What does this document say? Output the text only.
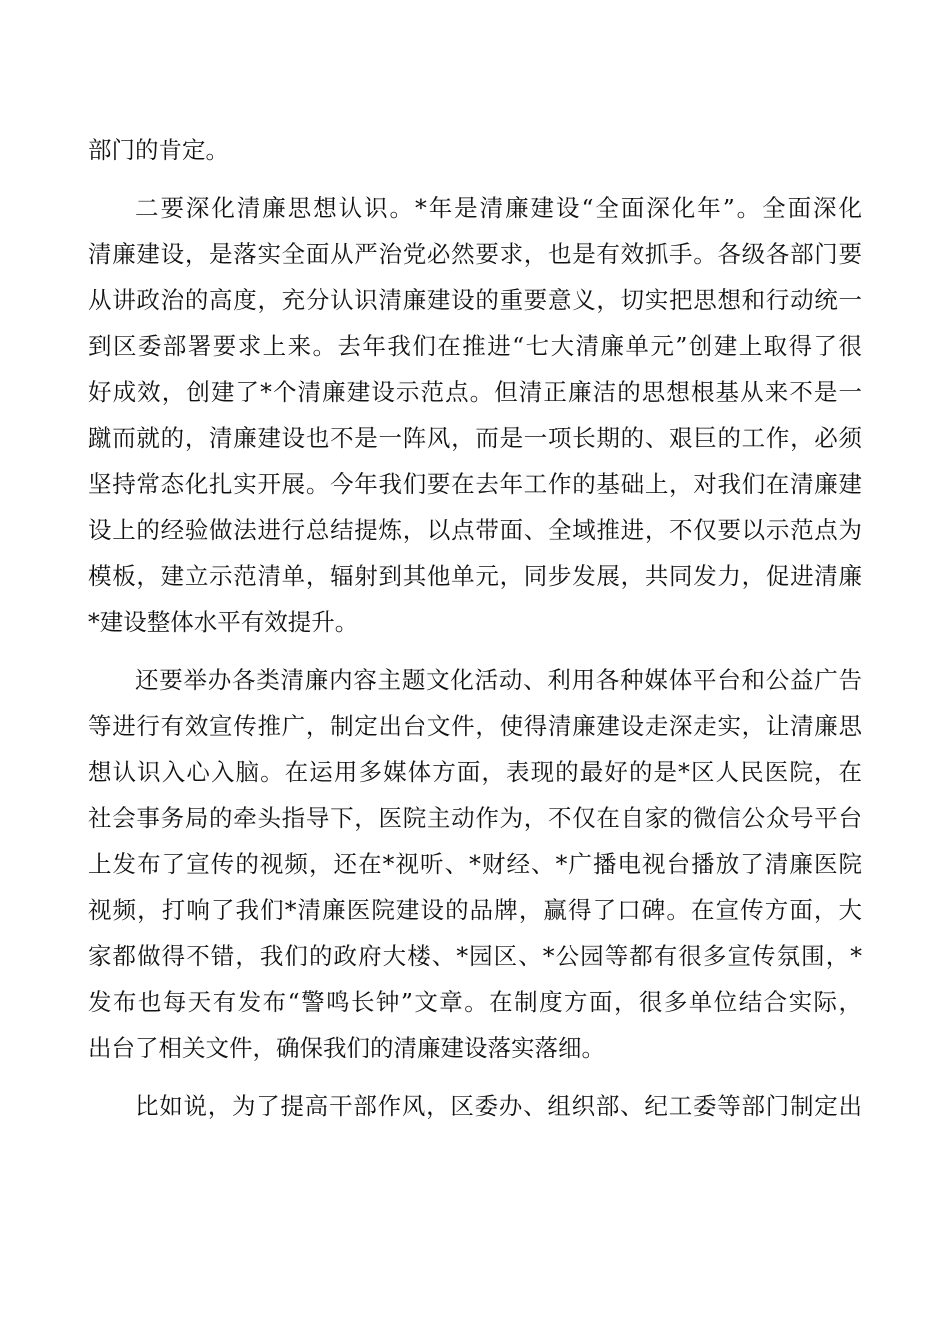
部门的肯定。
二要深化清廉思想认识。*年是清廉建设“全面深化年”。全面深化
清廉建设，是落实全面从严治党必然要求，也是有效抓手。各级各部门要
从讲政治的高度，充分认识清廉建设的重要意义，切实把思想和行动统一
到区委部署要求上来。去年我们在推进“七大清廉单元”创建上取得了很
好成效，创建了*个清廉建设示范点。但清正廉洁的思想根基从来不是一
蹴而就的，清廉建设也不是一阵风，而是一项长期的、艰巨的工作，必须
坚持常态化扎实开展。今年我们要在去年工作的基础上，对我们在清廉建
设上的经验做法进行总结提炼，以点带面、全域推进，不仅要以示范点为
模板，建立示范清单，辐射到其他单元，同步发展，共同发力，促进清廉
*建设整体水平有效提升。
还要举办各类清廉内容主题文化活动、利用各种媒体平台和公益广告
等进行有效宣传推广，制定出台文件，使得清廉建设走深走实，让清廉思
想认识入心入脑。在运用多媒体方面，表现的最好的是*区人民医院，在
社会事务局的牵头指导下，医院主动作为，不仅在自家的微信公众号平台
上发布了宣传的视频，还在*视听、*财经、*广播电视台播放了清廉医院
视频，打响了我们*清廉医院建设的品牌，赢得了口碑。在宣传方面，大
家都做得不错，我们的政府大楼、*园区、*公园等都有很多宣传氛围，*
发布也每天有发布“警鸣长钟”文章。在制度方面，很多单位结合实际，
出台了相关文件，确保我们的清廉建设落实落细。
比如说，为了提高干部作风，区委办、组织部、纪工委等部门制定出
